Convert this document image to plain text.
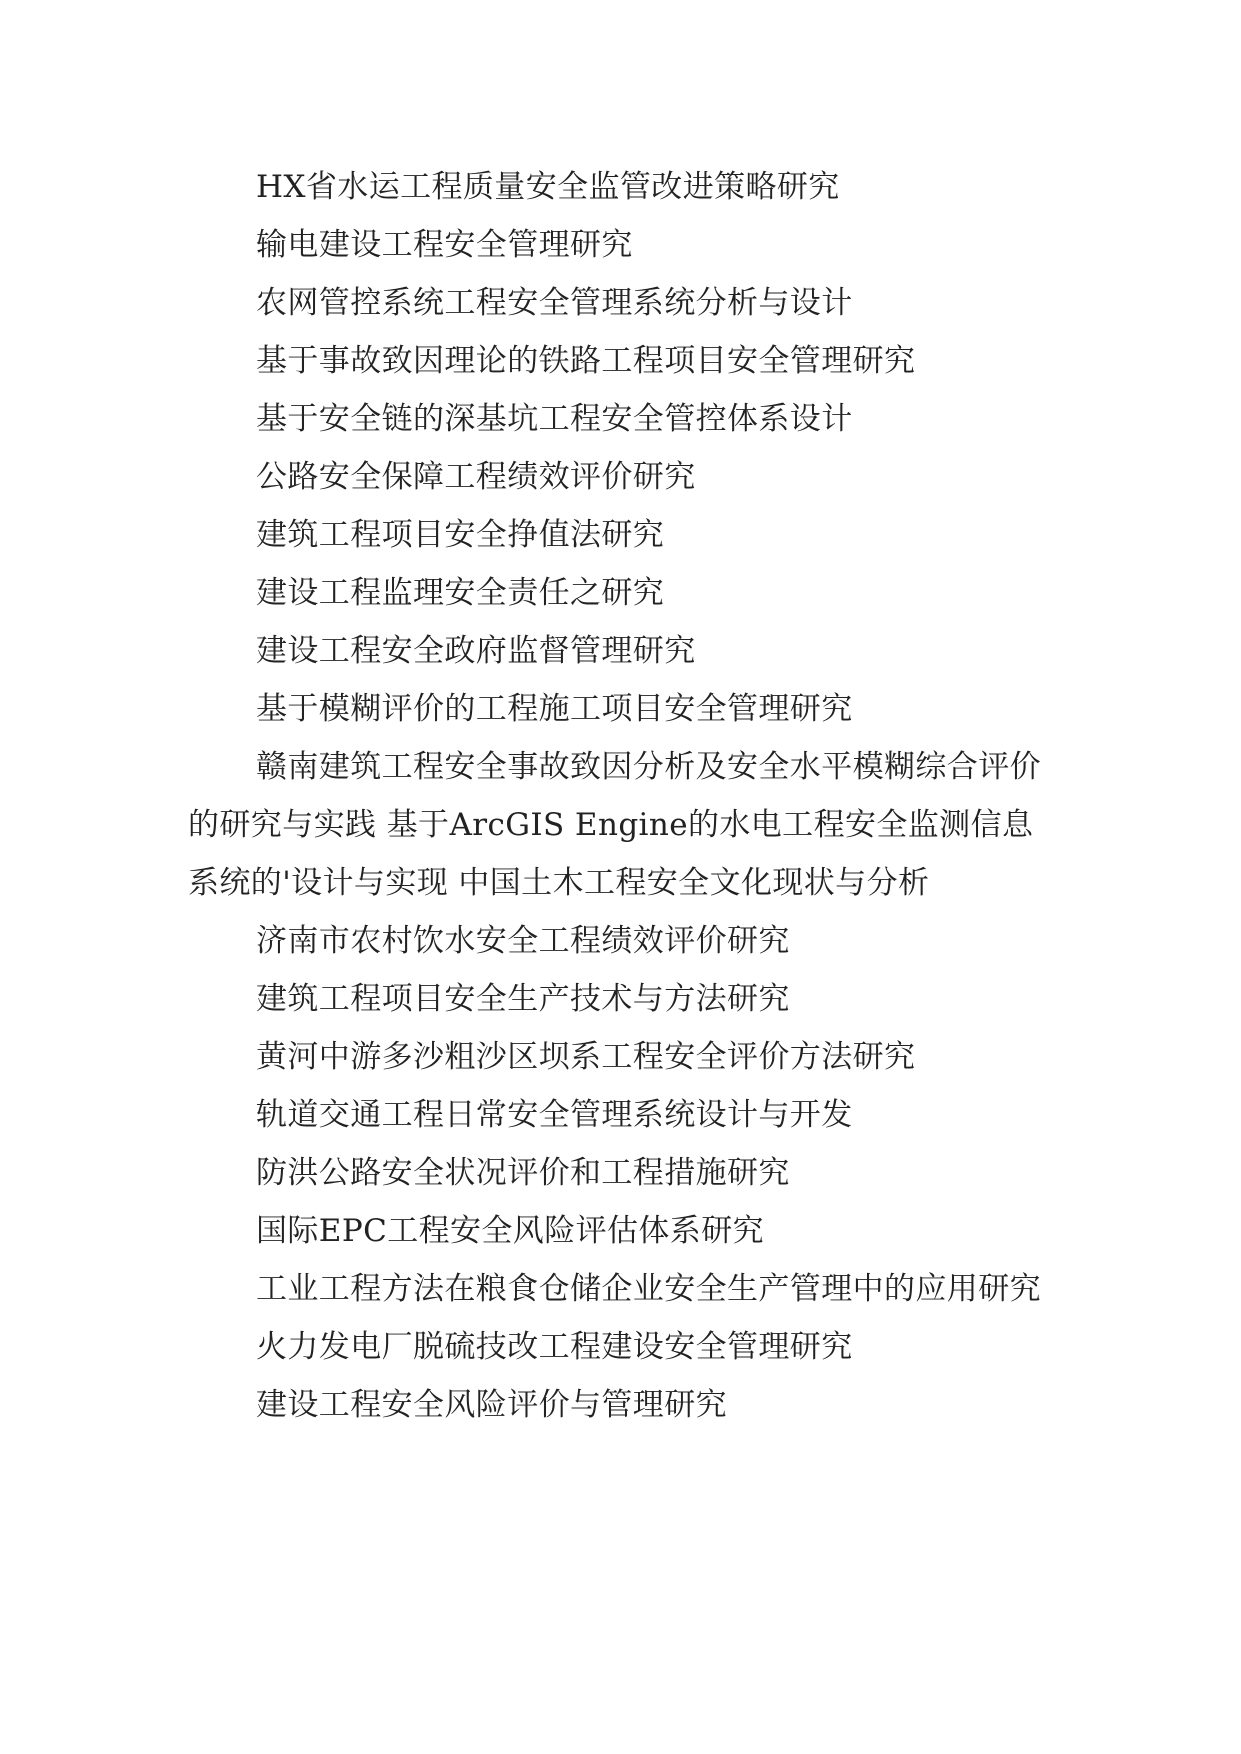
HX省水运工程质量安全监管改进策略研究

输电建设工程安全管理研究

农网管控系统工程安全管理系统分析与设计

基于事故致因理论的铁路工程项目安全管理研究

基于安全链的深基坑工程安全管控体系设计

公路安全保障工程绩效评价研究

建筑工程项目安全挣值法研究

建设工程监理安全责任之研究

建设工程安全政府监督管理研究

基于模糊评价的工程施工项目安全管理研究

赣南建筑工程安全事故致因分析及安全水平模糊综合评价的研究与实践 基于ArcGIS Engine的水电工程安全监测信息系统的'设计与实现 中国土木工程安全文化现状与分析

济南市农村饮水安全工程绩效评价研究

建筑工程项目安全生产技术与方法研究

黄河中游多沙粗沙区坝系工程安全评价方法研究

轨道交通工程日常安全管理系统设计与开发

防洪公路安全状况评价和工程措施研究

国际EPC工程安全风险评估体系研究

工业工程方法在粮食仓储企业安全生产管理中的应用研究

火力发电厂脱硫技改工程建设安全管理研究

建设工程安全风险评价与管理研究
